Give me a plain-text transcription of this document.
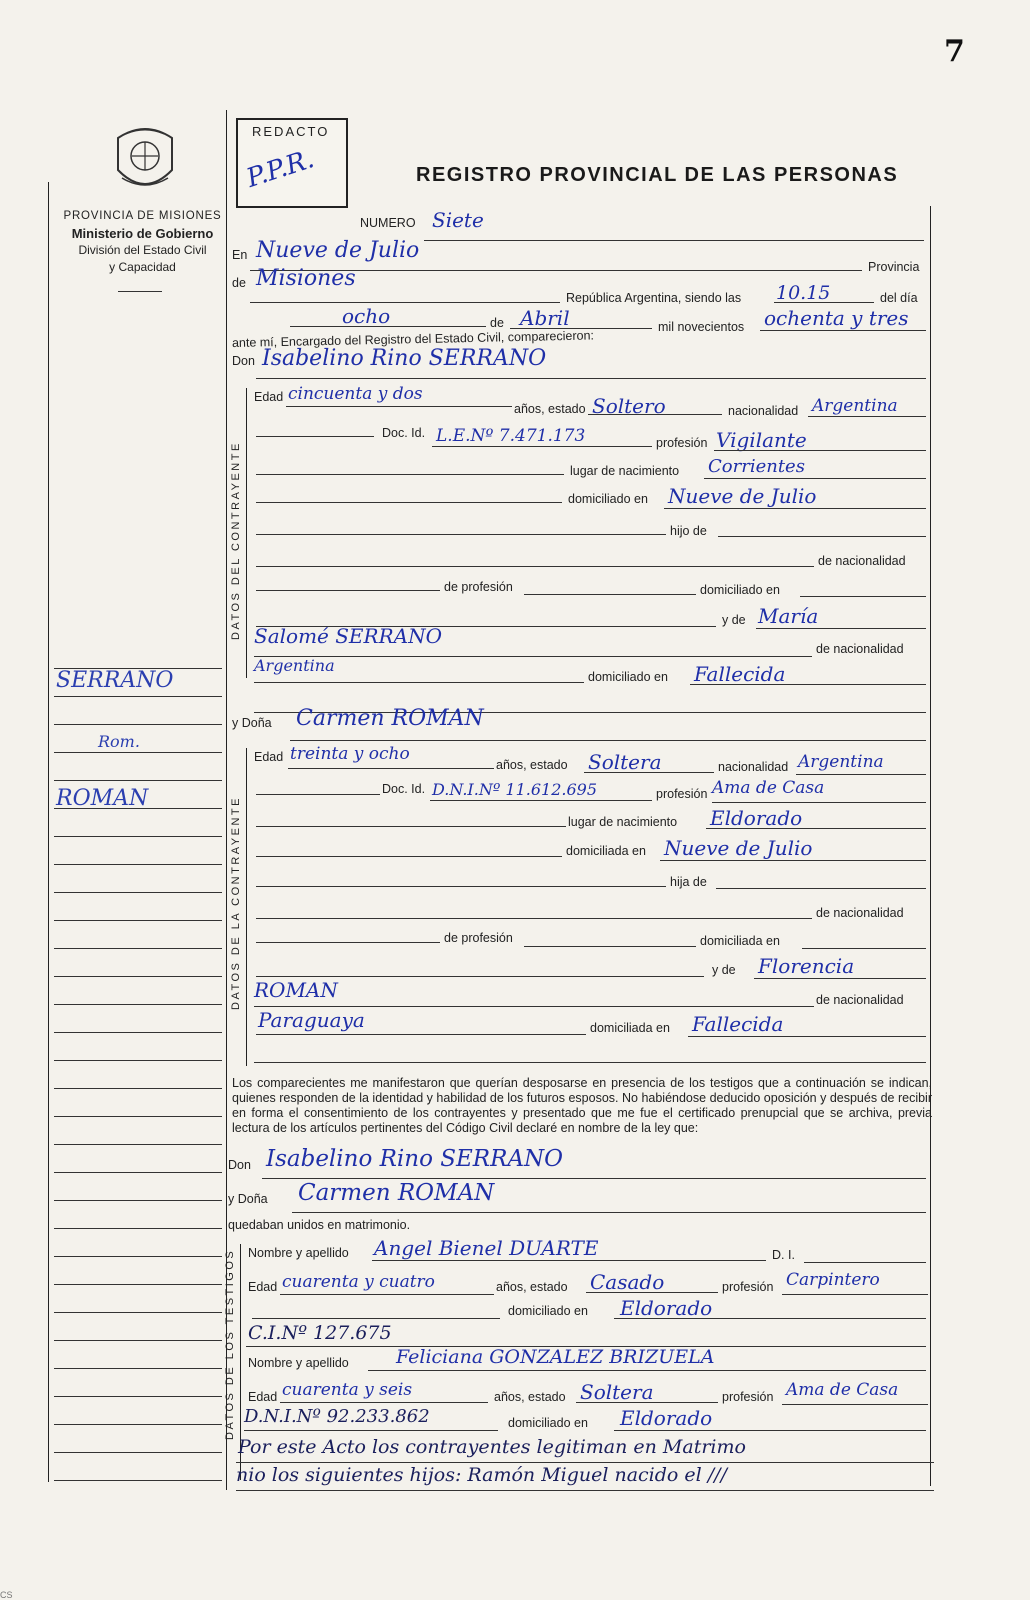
7
PROVINCIA DE MISIONES
Ministerio de Gobierno
División del Estado Civil
y Capacidad
REDACTO
P.P.R.	REGISTRO PROVINCIAL DE LAS PERSONAS
SERRANO
Rom.
ROMAN
NUMERO Siete
En Nueve de Julio
Provincia
de Misiones
República Argentina, siendo las 10.15	del día
ocho	de Abril	mil novecientos ochenta y tres
ante mí, Encargado del Registro del Estado Civil, comparecieron:
Don Isabelino Rino SERRANO
DATOS DEL CONTRAYENTE
Edad cincuenta y dos
años, estado Soltero	nacionalidad Argentina
Doc. Id. L.E.Nº 7.471.173	profesión Vigilante
lugar de nacimiento Corrientes
domiciliado en Nueve de Julio
hijo de
de nacionalidad
de profesión	domiciliado en
y de María
Salomé SERRANO
de nacionalidad
Argentina
domiciliado en Fallecida
y Doña Carmen ROMAN
DATOS DE LA CONTRAYENTE
Edad treinta y ocho
años, estado Soltera	nacionalidad Argentina
Doc. Id. D.N.I.Nº 11.612.695	profesión Ama de Casa
lugar de nacimiento Eldorado
domiciliada en Nueve de Julio
hija de
de nacionalidad
de profesión	domiciliada en
y de Florencia
ROMAN	de nacionalidad
Paraguaya	domiciliada en Fallecida
Los comparecientes me manifestaron que querían desposarse en presencia de los testigos que a continuación se indican, quienes responden de la identidad y habilidad de los futuros esposos. No habiéndose deducido oposición y después de recibir en forma el consentimiento de los contrayentes y presentado que me fue el certificado prenupcial que se archiva, previa lectura de los artículos pertinentes del Código Civil declaré en nombre de la ley que:
Don Isabelino Rino SERRANO
y Doña Carmen ROMAN
quedaban unidos en matrimonio.
DATOS DE LOS TESTIGOS Nombre y apellido Angel Bienel DUARTE	D. I.
Edad cuarenta y cuatro	años, estado Casado	profesión Carpintero
domiciliado en Eldorado
C.I.Nº 127.675
Nombre y apellido Feliciana GONZALEZ BRIZUELA
Edad cuarenta y seis	años, estado Soltera	profesión Ama de Casa
D.N.I.Nº 92.233.862	domiciliado en Eldorado
Por este Acto los contrayentes legitiman en Matrimo
nio los siguientes hijos: Ramón Miguel nacido el ///
CS
